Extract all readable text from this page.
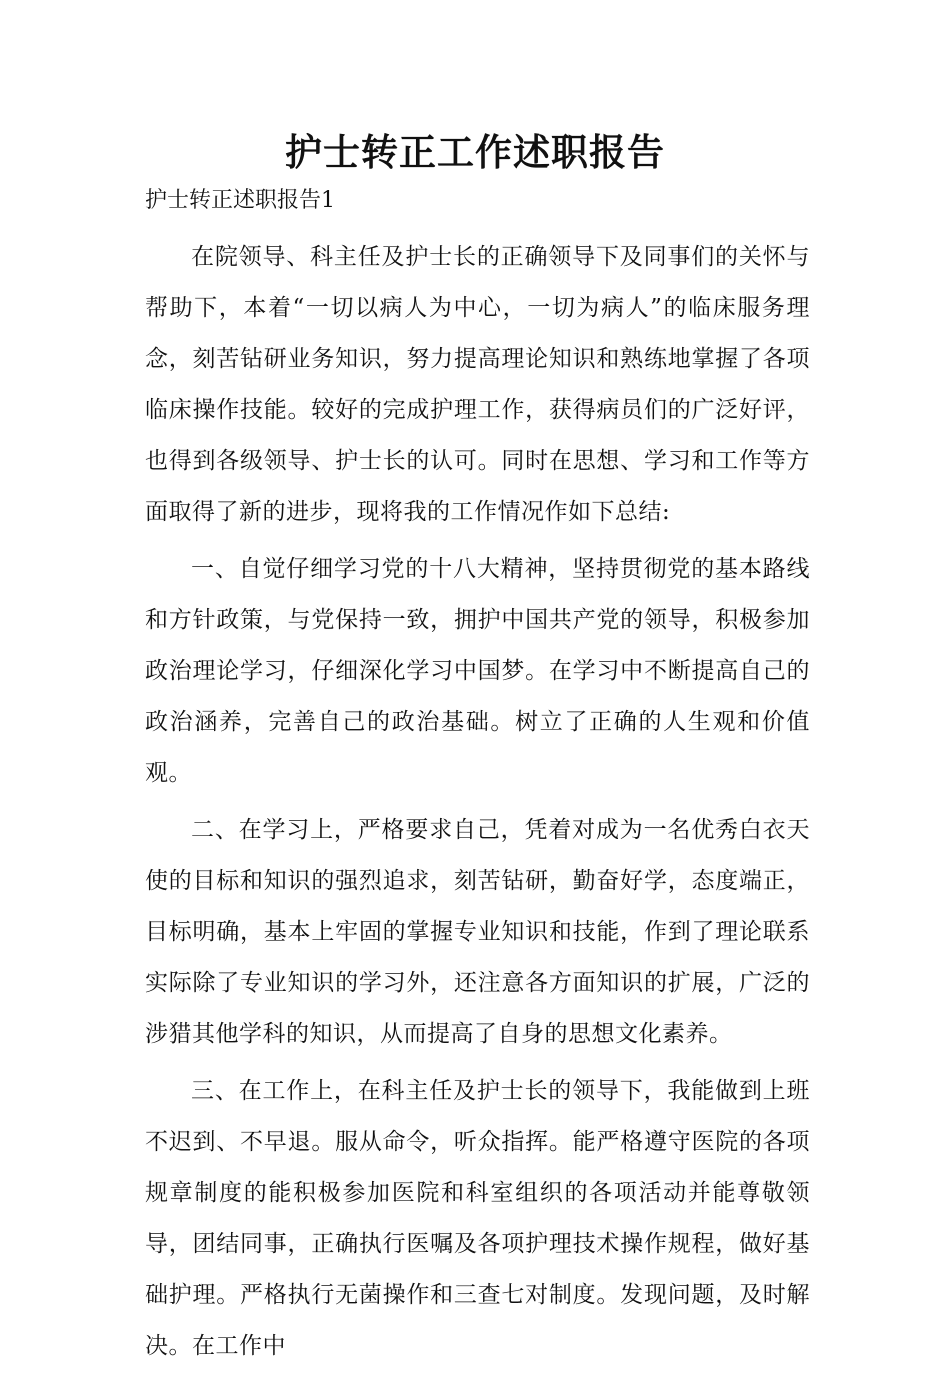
护士转正工作述职报告

护士转正述职报告1

在院领导、科主任及护士长的正确领导下及同事们的关怀与帮助下，本着“一切以病人为中心，一切为病人”的临床服务理念，刻苦钻研业务知识，努力提高理论知识和熟练地掌握了各项临床操作技能。较好的完成护理工作，获得病员们的广泛好评，也得到各级领导、护士长的认可。同时在思想、学习和工作等方面取得了新的进步，现将我的工作情况作如下总结:

一、自觉仔细学习党的十八大精神，坚持贯彻党的基本路线和方针政策，与党保持一致，拥护中国共产党的领导，积极参加政治理论学习，仔细深化学习中国梦。在学习中不断提高自己的政治涵养，完善自己的政治基础。树立了正确的人生观和价值观。

二、在学习上，严格要求自己，凭着对成为一名优秀白衣天使的目标和知识的强烈追求，刻苦钻研，勤奋好学，态度端正，目标明确，基本上牢固的掌握专业知识和技能，作到了理论联系实际除了专业知识的学习外，还注意各方面知识的扩展，广泛的涉猎其他学科的知识，从而提高了自身的思想文化素养。

三、在工作上，在科主任及护士长的领导下，我能做到上班不迟到、不早退。服从命令，听众指挥。能严格遵守医院的各项规章制度的能积极参加医院和科室组织的各项活动并能尊敬领导，团结同事，正确执行医嘱及各项护理技术操作规程，做好基础护理。严格执行无菌操作和三查七对制度。发现问题，及时解决。在工作中
